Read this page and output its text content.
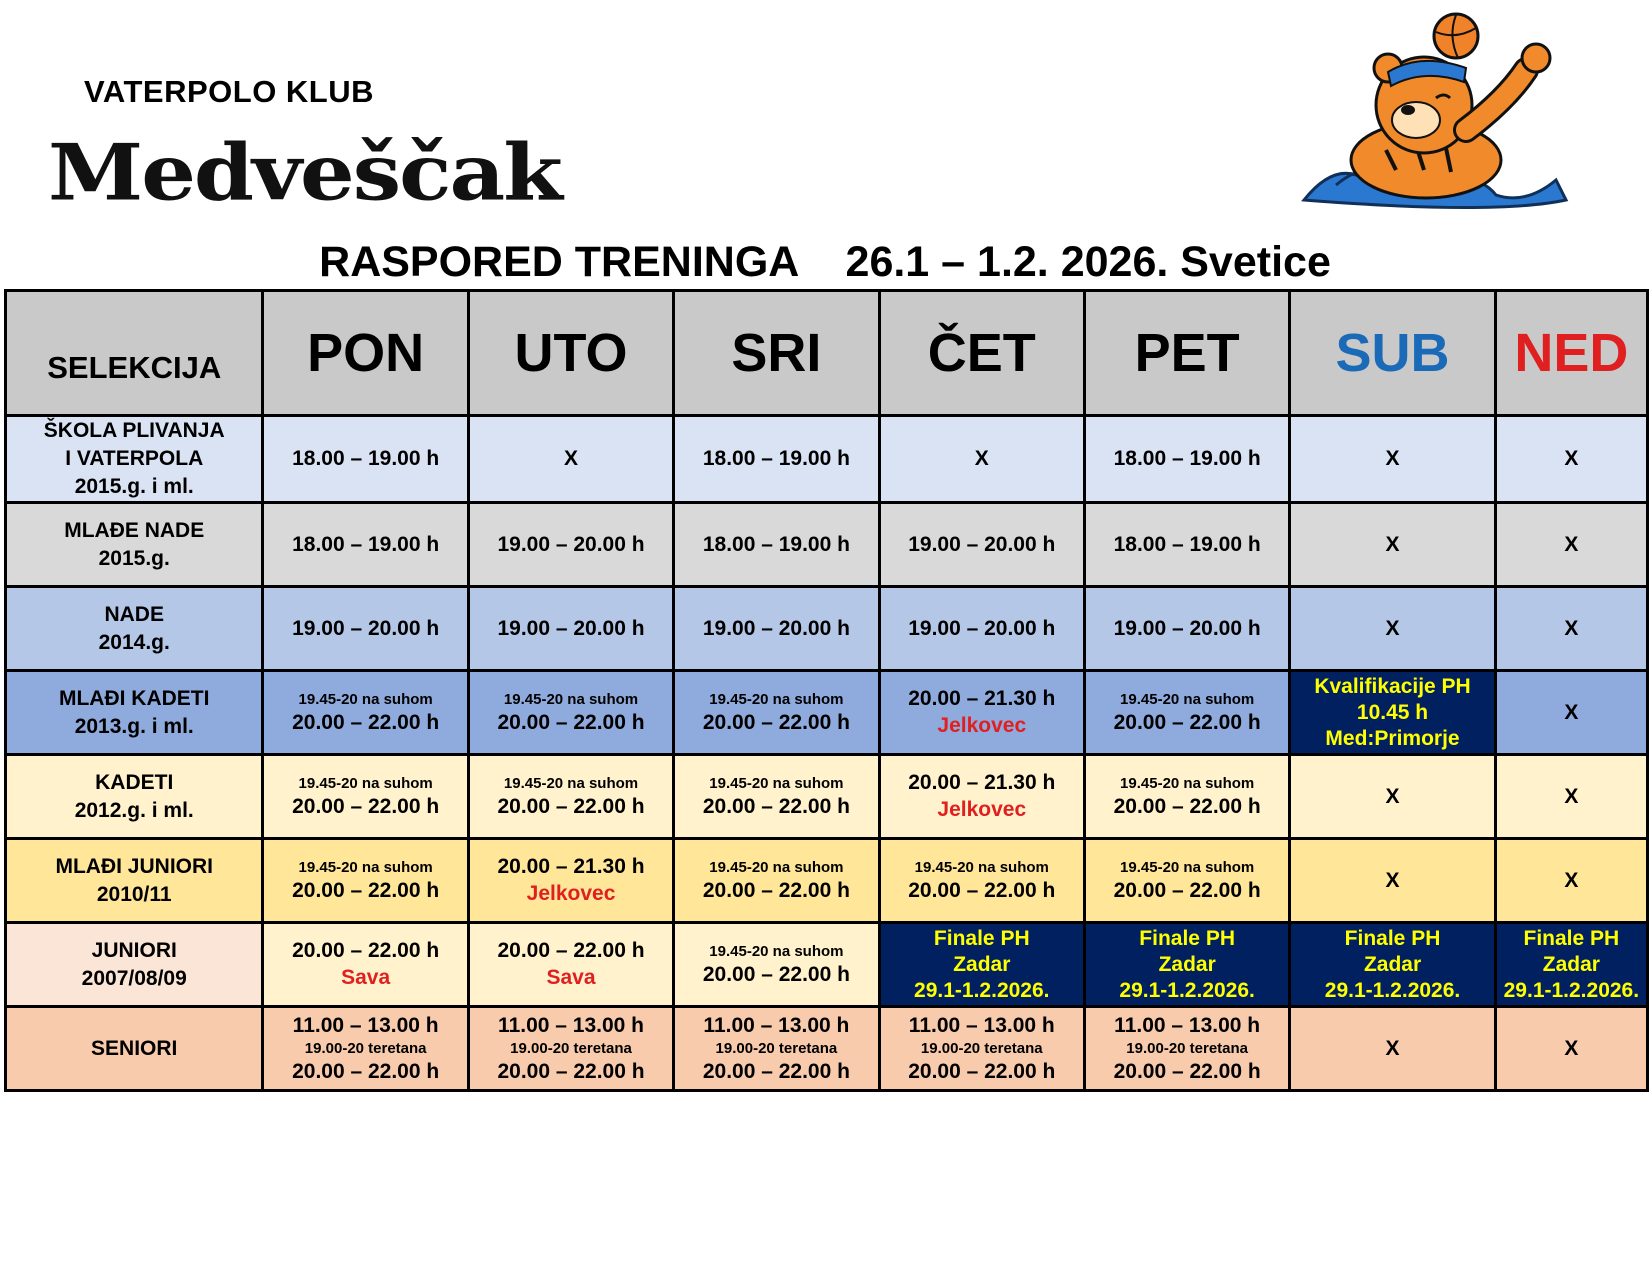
VATERPOLO KLUB
Medveščak
RASPORED TRENINGA    26.1 – 1.2. 2026. Svetice
SELEKCIJA	PON	UTO	SRI	ČET	PET	SUB	NED

ŠKOLA PLIVANJA
I VATERPOLA
2015.g. i ml.	18.00 – 19.00 h	X	18.00 – 19.00 h	X	18.00 – 19.00 h	X	X

MLAĐE NADE
2015.g.	18.00 – 19.00 h	19.00 – 20.00 h	18.00 – 19.00 h	19.00 – 20.00 h	18.00 – 19.00 h	X	X

NADE
2014.g.	19.00 – 20.00 h	19.00 – 20.00 h	19.00 – 20.00 h	19.00 – 20.00 h	19.00 – 20.00 h	X	X

MLAĐI KADETI
2013.g. i ml.	19.45-20 na suhom
20.00 – 22.00 h	19.45-20 na suhom
20.00 – 22.00 h	19.45-20 na suhom
20.00 – 22.00 h	20.00 – 21.30 h
Jelkovec	19.45-20 na suhom
20.00 – 22.00 h	Kvalifikacije PH
10.45 h
Med:Primorje	X

KADETI
2012.g. i ml.	19.45-20 na suhom
20.00 – 22.00 h	19.45-20 na suhom
20.00 – 22.00 h	19.45-20 na suhom
20.00 – 22.00 h	20.00 – 21.30 h
Jelkovec	19.45-20 na suhom
20.00 – 22.00 h	X	X

MLAĐI JUNIORI
2010/11	19.45-20 na suhom
20.00 – 22.00 h	20.00 – 21.30 h
Jelkovec	19.45-20 na suhom
20.00 – 22.00 h	19.45-20 na suhom
20.00 – 22.00 h	19.45-20 na suhom
20.00 – 22.00 h	X	X

JUNIORI
2007/08/09	20.00 – 22.00 h
Sava	20.00 – 22.00 h
Sava	19.45-20 na suhom
20.00 – 22.00 h	Finale PH
Zadar
29.1-1.2.2026.	Finale PH
Zadar
29.1-1.2.2026.	Finale PH
Zadar
29.1-1.2.2026.	Finale PH
Zadar
29.1-1.2.2026.

SENIORI	11.00 – 13.00 h
19.00-20 teretana
20.00 – 22.00 h	11.00 – 13.00 h
19.00-20 teretana
20.00 – 22.00 h	11.00 – 13.00 h
19.00-20 teretana
20.00 – 22.00 h	11.00 – 13.00 h
19.00-20 teretana
20.00 – 22.00 h	11.00 – 13.00 h
19.00-20 teretana
20.00 – 22.00 h	X	X
